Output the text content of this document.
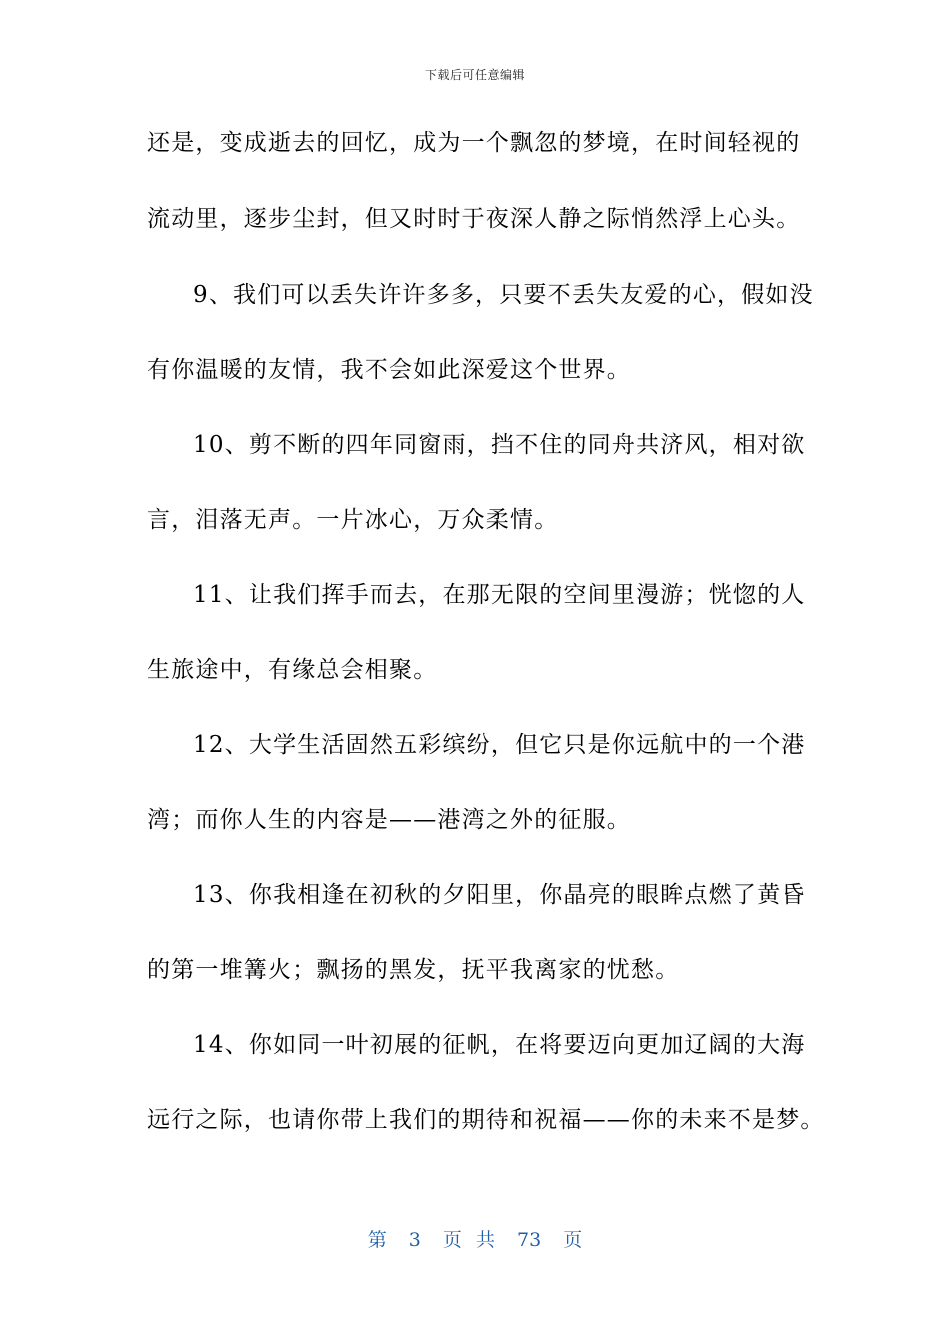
下载后可任意编辑
还是，变成逝去的回忆，成为一个飘忽的梦境，在时间轻视的
流动里，逐步尘封，但又时时于夜深人静之际悄然浮上心头。
9、我们可以丢失许许多多，只要不丢失友爱的心，假如没
有你温暖的友情，我不会如此深爱这个世界。
10、剪不断的四年同窗雨，挡不住的同舟共济风，相对欲
言，泪落无声。一片冰心，万众柔情。
11、让我们挥手而去，在那无限的空间里漫游；恍惚的人
生旅途中，有缘总会相聚。
12、大学生活固然五彩缤纷，但它只是你远航中的一个港
湾；而你人生的内容是——港湾之外的征服。
13、你我相逢在初秋的夕阳里，你晶亮的眼眸点燃了黄昏
的第一堆篝火；飘扬的黑发，抚平我离家的忧愁。
14、你如同一叶初展的征帆，在将要迈向更加辽阔的大海
远行之际，也请你带上我们的期待和祝福——你的未来不是梦。
第 3 页 共 73 页
